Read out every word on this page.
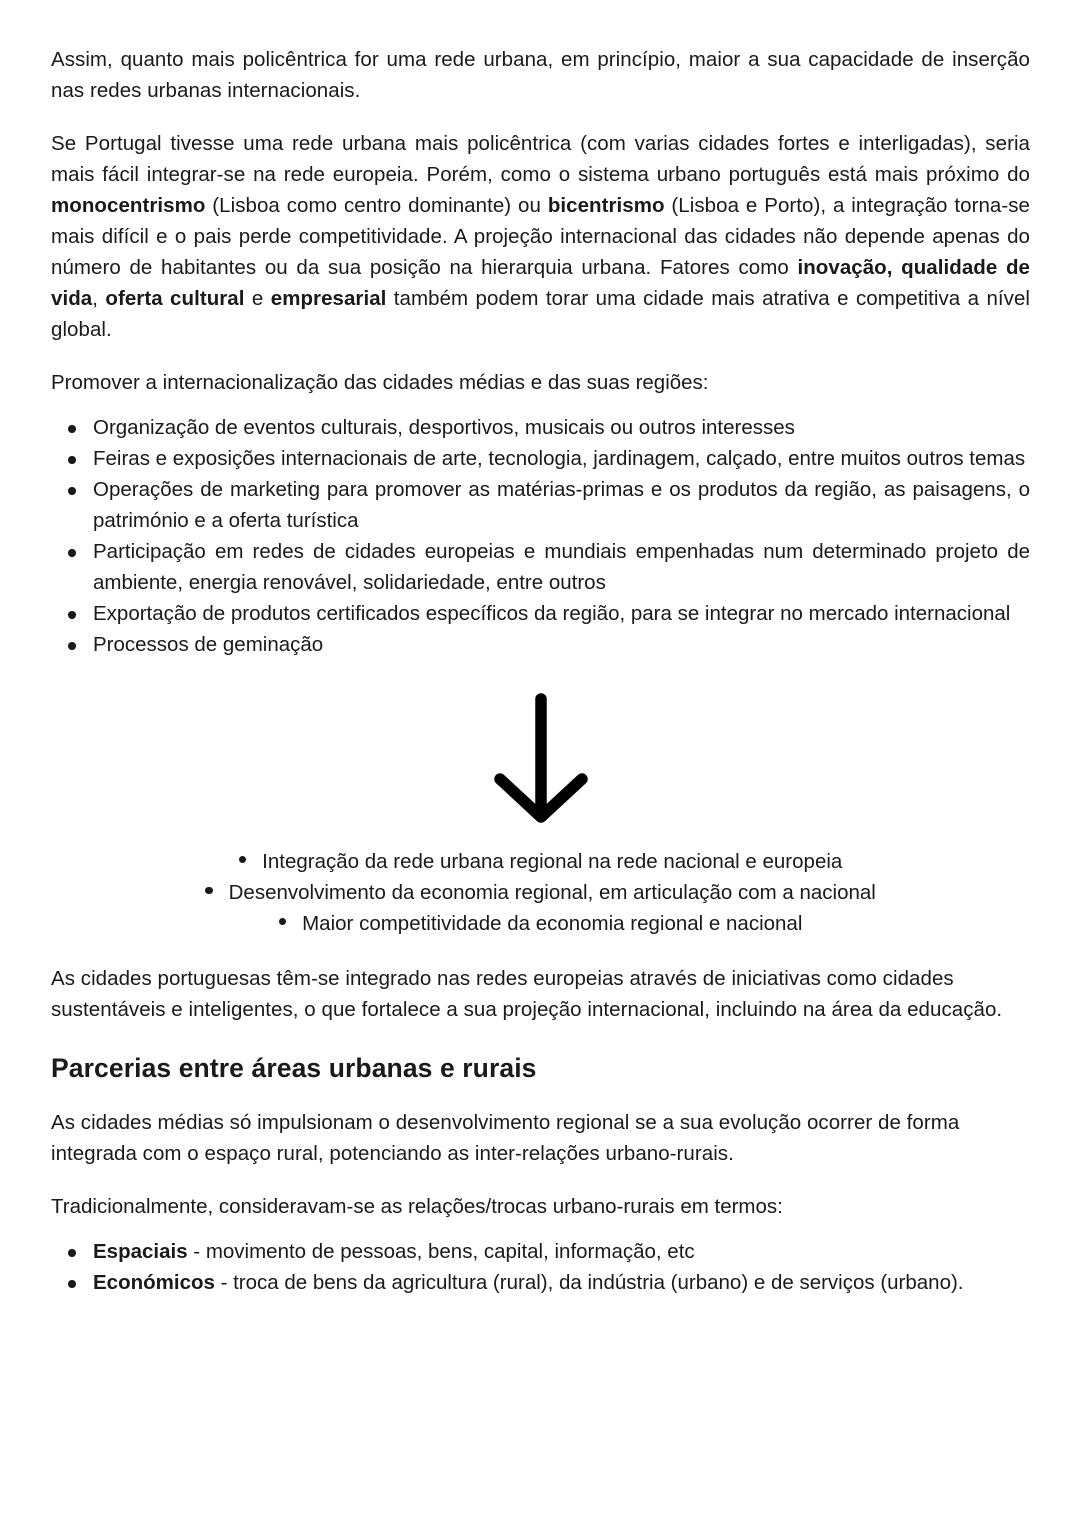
Assim, quanto mais policêntrica for uma rede urbana, em princípio, maior a sua capacidade de inserção nas redes urbanas internacionais.

Se Portugal tivesse uma rede urbana mais policêntrica (com varias cidades fortes e interligadas), seria mais fácil integrar-se na rede europeia. Porém, como o sistema urbano português está mais próximo do monocentrismo (Lisboa como centro dominante) ou bicentrismo (Lisboa e Porto), a integração torna-se mais difícil e o pais perde competitividade. A projeção internacional das cidades não depende apenas do número de habitantes ou da sua posição na hierarquia urbana. Fatores como inovação, qualidade de vida, oferta cultural e empresarial também podem torar uma cidade mais atrativa e competitiva a nível global.

Promover a internacionalização das cidades médias e das suas regiões:

Organização de eventos culturais, desportivos, musicais ou outros interesses
Feiras e exposições internacionais de arte, tecnologia, jardinagem, calçado, entre muitos outros temas
Operações de marketing para promover as matérias-primas e os produtos da região, as paisagens, o património e a oferta turística
Participação em redes de cidades europeias e mundiais empenhadas num determinado projeto de ambiente, energia renovável, solidariedade, entre outros
Exportação de produtos certificados específicos da região, para se integrar no mercado internacional
Processos de geminação
Integração da rede urbana regional na rede nacional e europeia
Desenvolvimento da economia regional, em articulação com a nacional
Maior competitividade da economia regional e nacional

As cidades portuguesas têm-se integrado nas redes europeias através de iniciativas como cidades sustentáveis e inteligentes, o que fortalece a sua projeção internacional, incluindo na área da educação.

Parcerias entre áreas urbanas e rurais

As cidades médias só impulsionam o desenvolvimento regional se a sua evolução ocorrer de forma integrada com o espaço rural, potenciando as inter-relações urbano-rurais.

Tradicionalmente, consideravam-se as relações/trocas urbano-rurais em termos:

Espaciais - movimento de pessoas, bens, capital, informação, etc
Económicos - troca de bens da agricultura (rural), da indústria (urbano) e de serviços (urbano).
